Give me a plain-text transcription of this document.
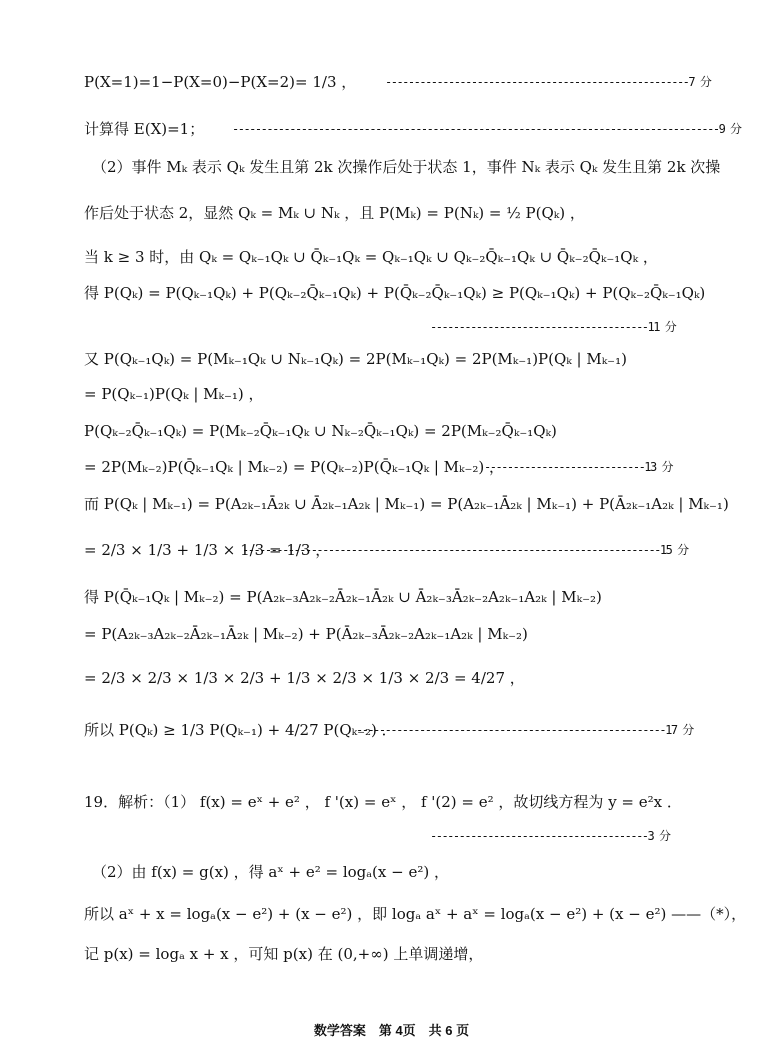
P(X=1)=1−P(X=0)−P(X=2)= 1/3 ， -----------------------------------------------------7 分
计算得 E(X)=1； -------------------------------------------------------------------------------------9 分
（2）事件 Mₖ 表示 Qₖ 发生且第 2k 次操作后处于状态 1，事件 Nₖ 表示 Qₖ 发生且第 2k 次操
作后处于状态 2，显然 Qₖ = Mₖ ∪ Nₖ ，且 P(Mₖ) = P(Nₖ) = ½ P(Qₖ) ，
当 k ≥ 3 时，由 Qₖ = Qₖ₋₁Qₖ ∪ Q̄ₖ₋₁Qₖ = Qₖ₋₁Qₖ ∪ Qₖ₋₂Q̄ₖ₋₁Qₖ ∪ Q̄ₖ₋₂Q̄ₖ₋₁Qₖ ，
得 P(Qₖ) = P(Qₖ₋₁Qₖ) + P(Qₖ₋₂Q̄ₖ₋₁Qₖ) + P(Q̄ₖ₋₂Q̄ₖ₋₁Qₖ) ≥ P(Qₖ₋₁Qₖ) + P(Qₖ₋₂Q̄ₖ₋₁Qₖ)
--------------------------------------11 分
又 P(Qₖ₋₁Qₖ) = P(Mₖ₋₁Qₖ ∪ Nₖ₋₁Qₖ) = 2P(Mₖ₋₁Qₖ) = 2P(Mₖ₋₁)P(Qₖ | Mₖ₋₁)
= P(Qₖ₋₁)P(Qₖ | Mₖ₋₁) ，
P(Qₖ₋₂Q̄ₖ₋₁Qₖ) = P(Mₖ₋₂Q̄ₖ₋₁Qₖ ∪ Nₖ₋₂Q̄ₖ₋₁Qₖ) = 2P(Mₖ₋₂Q̄ₖ₋₁Qₖ)
= 2P(Mₖ₋₂)P(Q̄ₖ₋₁Qₖ | Mₖ₋₂) = P(Qₖ₋₂)P(Q̄ₖ₋₁Qₖ | Mₖ₋₂) ，
----------------------------13 分
而 P(Qₖ | Mₖ₋₁) = P(A₂ₖ₋₁Ā₂ₖ ∪ Ā₂ₖ₋₁A₂ₖ | Mₖ₋₁) = P(A₂ₖ₋₁Ā₂ₖ | Mₖ₋₁) + P(Ā₂ₖ₋₁A₂ₖ | Mₖ₋₁)
= 2/3 × 1/3 + 1/3 × 1/3 = 1/3 ，
-------------------------------------------------------------------------15 分
得 P(Q̄ₖ₋₁Qₖ | Mₖ₋₂) = P(A₂ₖ₋₃A₂ₖ₋₂Ā₂ₖ₋₁Ā₂ₖ ∪ Ā₂ₖ₋₃Ā₂ₖ₋₂A₂ₖ₋₁A₂ₖ | Mₖ₋₂)
= P(A₂ₖ₋₃A₂ₖ₋₂Ā₂ₖ₋₁Ā₂ₖ | Mₖ₋₂) + P(Ā₂ₖ₋₃Ā₂ₖ₋₂A₂ₖ₋₁A₂ₖ | Mₖ₋₂)
= 2/3 × 2/3 × 1/3 × 2/3 + 1/3 × 2/3 × 1/3 × 2/3 = 4/27 ，
所以 P(Qₖ) ≥ 1/3 P(Qₖ₋₁) + 4/27 P(Qₖ₋₂) ．
------------------------------------------------------17 分
19．解析：（1） f(x) = eˣ + e² ， f '(x) = eˣ ， f '(2) = e² ，故切线方程为 y = e²x ．
--------------------------------------3 分
（2）由 f(x) = g(x) ，得 aˣ + e² = logₐ(x − e²) ，
所以 aˣ + x = logₐ(x − e²) + (x − e²) ，即 logₐ aˣ + aˣ = logₐ(x − e²) + (x − e²) ——（*），
记 p(x) = logₐ x + x ，可知 p(x) 在 (0,+∞) 上单调递增，
数学答案　第 4页　共 6 页
